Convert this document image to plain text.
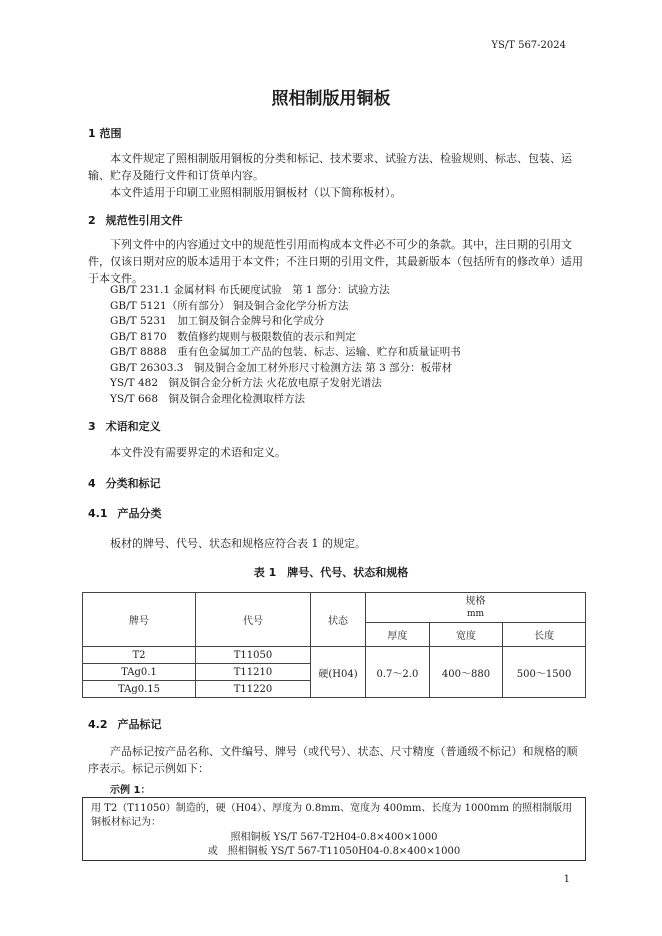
YS/T 567-2024
照相制版用铜板
1 范围
本文件规定了照相制版用铜板的分类和标记、技术要求、试验方法、检验规则、标志、包装、运输、贮存及随行文件和订货单内容。
本文件适用于印刷工业照相制版用铜板材（以下简称板材）。
2 规范性引用文件
下列文件中的内容通过文中的规范性引用而构成本文件必不可少的条款。其中，注日期的引用文件，仅该日期对应的版本适用于本文件；不注日期的引用文件，其最新版本（包括所有的修改单）适用于本文件。
GB/T 231.1 金属材料 布氏硬度试验　第 1 部分：试验方法
GB/T 5121（所有部分） 铜及铜合金化学分析方法
GB/T 5231　加工铜及铜合金牌号和化学成分
GB/T 8170　数值修约规则与极限数值的表示和判定
GB/T 8888　重有色金属加工产品的包装、标志、运输、贮存和质量证明书
GB/T 26303.3　铜及铜合金加工材外形尺寸检测方法 第 3 部分：板带材
YS/T 482　铜及铜合金分析方法 火花放电原子发射光谱法
YS/T 668　铜及铜合金理化检测取样方法
3 术语和定义
本文件没有需要界定的术语和定义。
4 分类和标记
4.1 产品分类
板材的牌号、代号、状态和规格应符合表 1 的规定。
表 1　牌号、代号、状态和规格
牌号	代号	状态	规格
mm		

			厚度	宽度	长度
T2	T11050	硬(H04)	0.7～2.0	400～880	500～1500
TAg0.1	T11210				
TAg0.15	T11220				
4.2 产品标记
产品标记按产品名称、文件编号、牌号（或代号）、状态、尺寸精度（普通级不标记）和规格的顺序表示。标记示例如下：
示例 1：
用 T2（T11050）制造的，硬（H04）、厚度为 0.8mm、宽度为 400mm、长度为 1000mm 的照相制版用铜板材标记为：
照相铜板 YS/T 567-T2H04-0.8×400×1000
或　照相铜板 YS/T 567-T11050H04-0.8×400×1000
1
